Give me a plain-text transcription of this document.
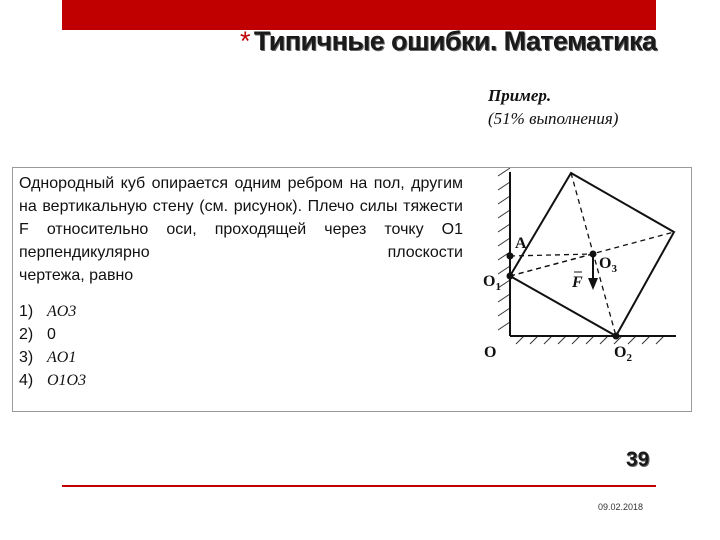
* Типичные ошибки. Математика
Пример.
(51% выполнения)
Однородный куб опирается одним ребром на пол, другим на вертикальную стену (см. рисунок). Плечо силы тяжести F относительно оси, проходящей через точку O1 перпендикулярно плоскости
чертежа, равно
1) AO3
2) 0
3) AO1
4) O1O3
A
$O_1$
$O_3$
F
O	$O_2$
39
09.02.2018
